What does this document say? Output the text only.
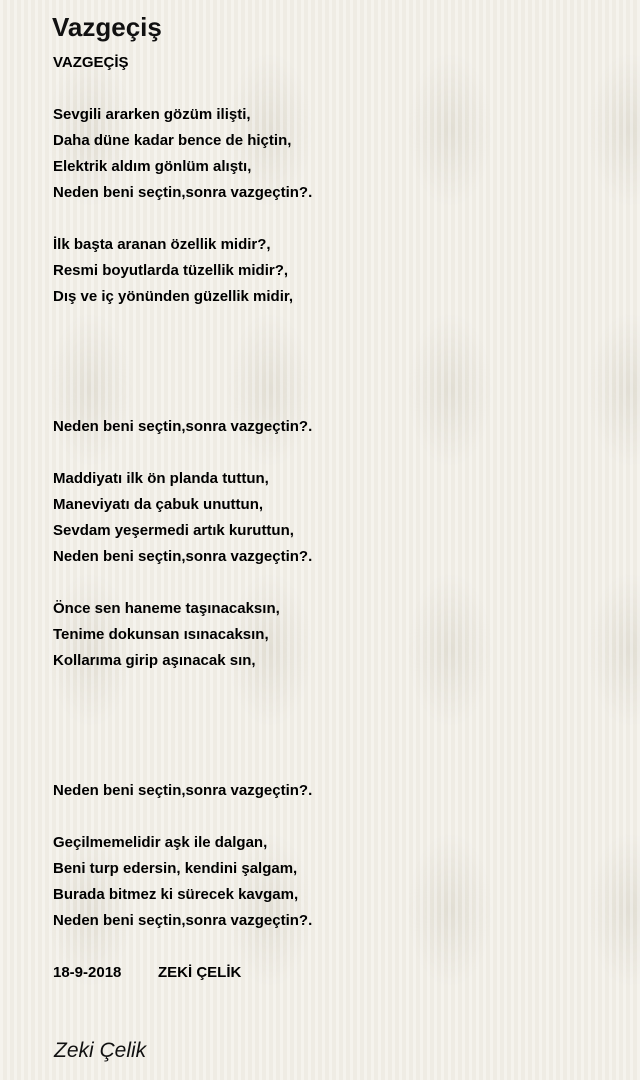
Vazgeçiş
VAZGEÇİŞ
Sevgili ararken gözüm ilişti,
Daha düne kadar bence de hiçtin,
Elektrik aldım gönlüm alıştı,
Neden beni seçtin,sonra vazgeçtin?.
İlk başta aranan özellik midir?,
Resmi boyutlarda tüzellik midir?,
Dış ve iç yönünden güzellik midir,
Neden beni seçtin,sonra vazgeçtin?.
Maddiyatı ilk ön planda tuttun,
Maneviyatı da çabuk unuttun,
Sevdam yeşermedi artık kuruttun,
Neden beni seçtin,sonra vazgeçtin?.
Önce sen haneme taşınacaksın,
Tenime dokunsan ısınacaksın,
Kollarıma girip aşınacak sın,
Neden beni seçtin,sonra vazgeçtin?.
Geçilmemelidir aşk ile dalgan,
Beni turp edersin, kendini şalgam,
Burada bitmez ki sürecek kavgam,
Neden beni seçtin,sonra vazgeçtin?.
18-9-2018 ZEKİ ÇELİK
Zeki Çelik
